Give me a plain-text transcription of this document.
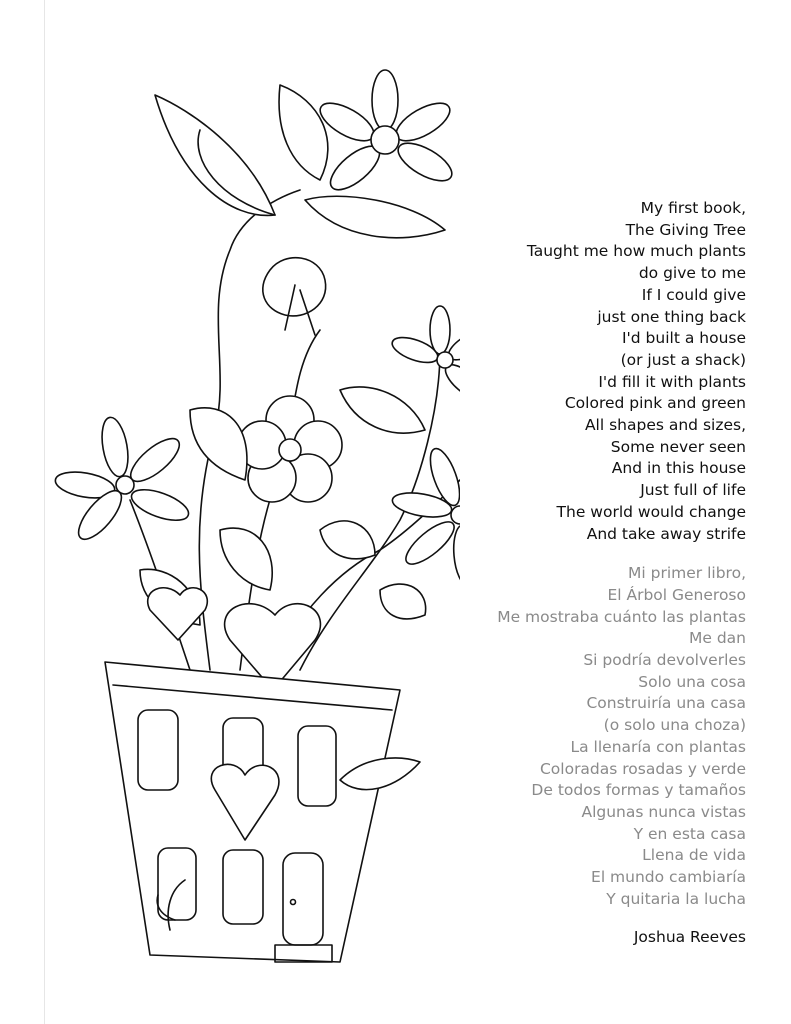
My first book,
The Giving Tree
Taught me how much plants
do give to me
If I could give
just one thing back
I'd built a house
(or just a shack)
I'd fill it with plants
Colored pink and green
All shapes and sizes,
Some never seen
And in this house
Just full of life
The world would change
And take away strife
Mi primer libro,
El Árbol Generoso
Me mostraba cuánto las plantas
Me dan
Si podría devolverles
Solo una cosa
Construiría una casa
(o solo una choza)
La llenaría con plantas
Coloradas rosadas y verde
De todos formas y tamaños
Algunas nunca vistas
Y en esta casa
Llena de vida
El mundo cambiaría
Y quitaria la lucha
Joshua Reeves
